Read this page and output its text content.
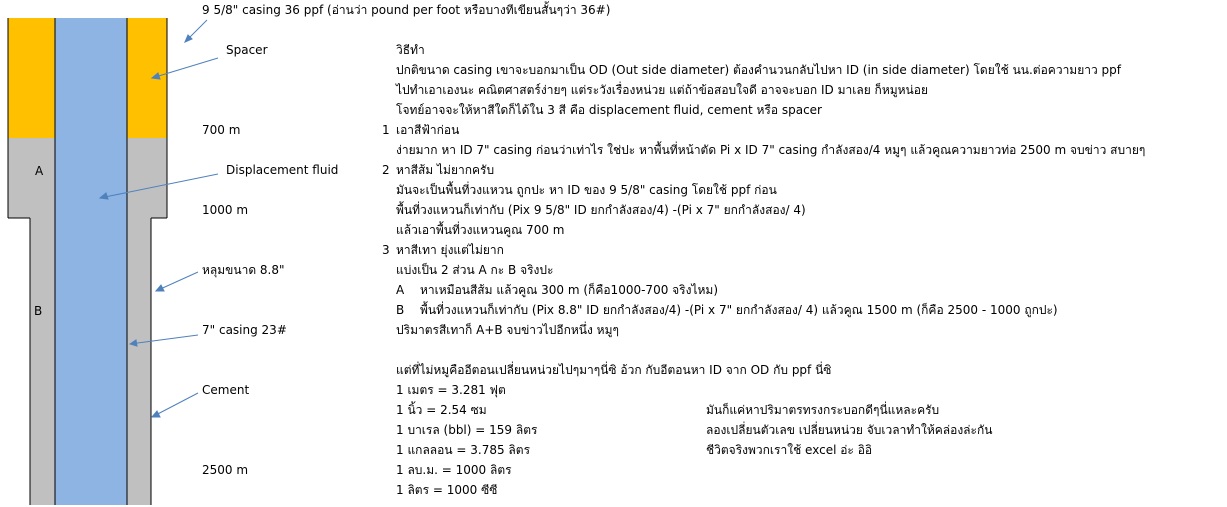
A
B
9 5/8" casing 36 ppf (อ่านว่า pound per foot หรือบางทีเขียนสั้นๆว่า 36#)
Spacer
Displacement fluid
หลุมขนาด 8.8"
7" casing 23#
Cement
700 m
1000 m
2500 m
1
2
3
วิธีทำ
ปกติขนาด casing เขาจะบอกมาเป็น OD (Out side diameter) ต้องคำนวนกลับไปหา ID (in side diameter) โดยใช้ นน.ต่อความยาว ppf
ไปทำเอาเองนะ คณิตศาสตร์ง่ายๆ แต่ระวังเรื่องหน่วย แต่ถ้าข้อสอบใจดี อาจจะบอก ID มาเลย ก็หมูหน่อย
โจทย์อาจจะให้หาสีใดก็ได้ใน 3 สี คือ displacement fluid, cement หรือ spacer
เอาสีฟ้าก่อน
ง่ายมาก หา ID 7" casing ก่อนว่าเท่าไร ใช่ปะ หาพื้นที่หน้าตัด Pi x ID 7" casing กำลังสอง/4 หมูๆ แล้วคูณความยาวท่อ 2500 m จบข่าว สบายๆ
หาสีส้ม ไม่ยากครับ
มันจะเป็นพื้นที่วงแหวน ถูกปะ หา ID ของ 9 5/8" casing โดยใช้ ppf ก่อน
พื้นที่วงแหวนก็เท่ากับ (Pix 9 5/8" ID ยกกำลังสอง/4) -(Pi x 7" ยกกำลังสอง/ 4)
แล้วเอาพื้นที่วงแหวนคูณ 700 m
หาสีเทา ยุ่งแต่ไม่ยาก
แบ่งเป็น 2 ส่วน A กะ B จริงปะ
A หาเหมือนสีส้ม แล้วคูณ 300 m (ก็คือ1000-700 จริงไหม)
B พื้นที่วงแหวนก็เท่ากับ (Pix 8.8" ID ยกกำลังสอง/4) -(Pi x 7" ยกกำลังสอง/ 4) แล้วคูณ 1500 m (ก็คือ 2500 - 1000 ถูกปะ)
ปริมาตรสีเทาก็ A+B จบข่าวไปอีกหนึ่ง หมูๆ
แต่ที่ไม่หมูคืออีตอนเปลี่ยนหน่วยไปๆมาๆนี่ซิ อ้วก กับอีตอนหา ID จาก OD กับ ppf นี่ซิ
1 เมตร = 3.281 ฟุต
1 นิ้ว = 2.54 ซม
1 บาเรล (bbl) = 159 ลิตร
1 แกลลอน = 3.785 ลิตร
1 ลบ.ม. = 1000 ลิตร
1 ลิตร = 1000 ซีซี
มันก็แค่หาปริมาตรทรงกระบอกดีๆนี่แหละครับ
ลองเปลี่ยนตัวเลข เปลี่ยนหน่วย จับเวลาทำให้คล่องล่ะกัน
ชีวิตจริงพวกเราใช้ excel อ่ะ อิอิ
